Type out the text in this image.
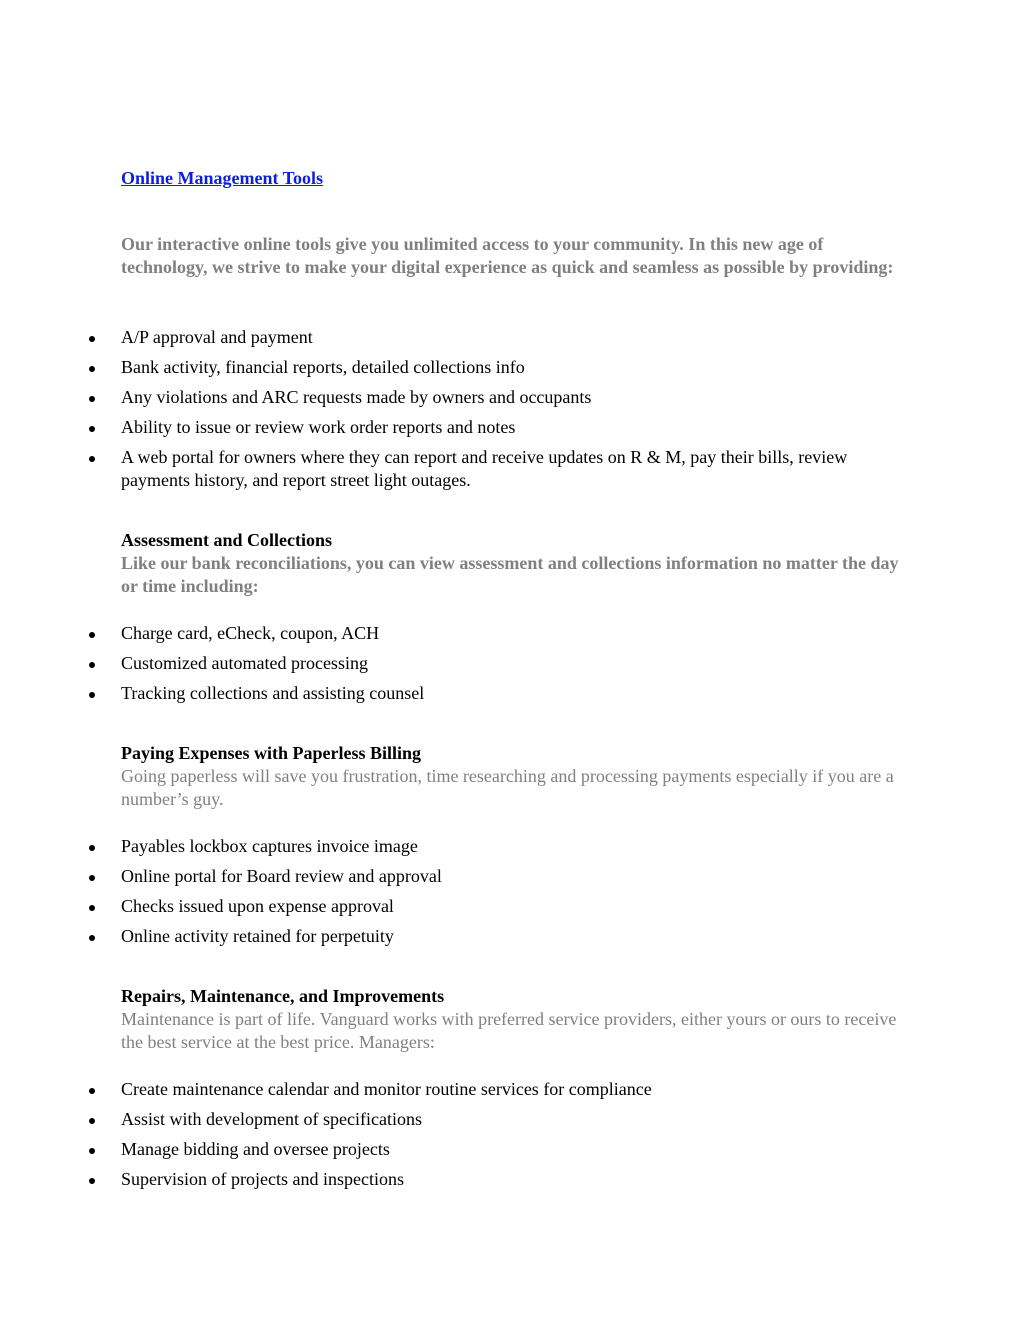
Online Management Tools
Our interactive online tools give you unlimited access to your community. In this new age of technology, we strive to make your digital experience as quick and seamless as possible by providing:
A/P approval and payment
Bank activity, financial reports, detailed collections info
Any violations and ARC requests made by owners and occupants
Ability to issue or review work order reports and notes
A web portal for owners where they can report and receive updates on R & M, pay their bills, review payments history, and report street light outages.
Assessment and Collections
Like our bank reconciliations, you can view assessment and collections information no matter the day or time including:
Charge card, eCheck, coupon, ACH
Customized automated processing
Tracking collections and assisting counsel
Paying Expenses with Paperless Billing
Going paperless will save you frustration, time researching and processing payments especially if you are a number’s guy.
Payables lockbox captures invoice image
Online portal for Board review and approval
Checks issued upon expense approval
Online activity retained for perpetuity
Repairs, Maintenance, and Improvements
Maintenance is part of life. Vanguard works with preferred service providers, either yours or ours to receive the best service at the best price. Managers:
Create maintenance calendar and monitor routine services for compliance
Assist with development of specifications
Manage bidding and oversee projects
Supervision of projects and inspections
